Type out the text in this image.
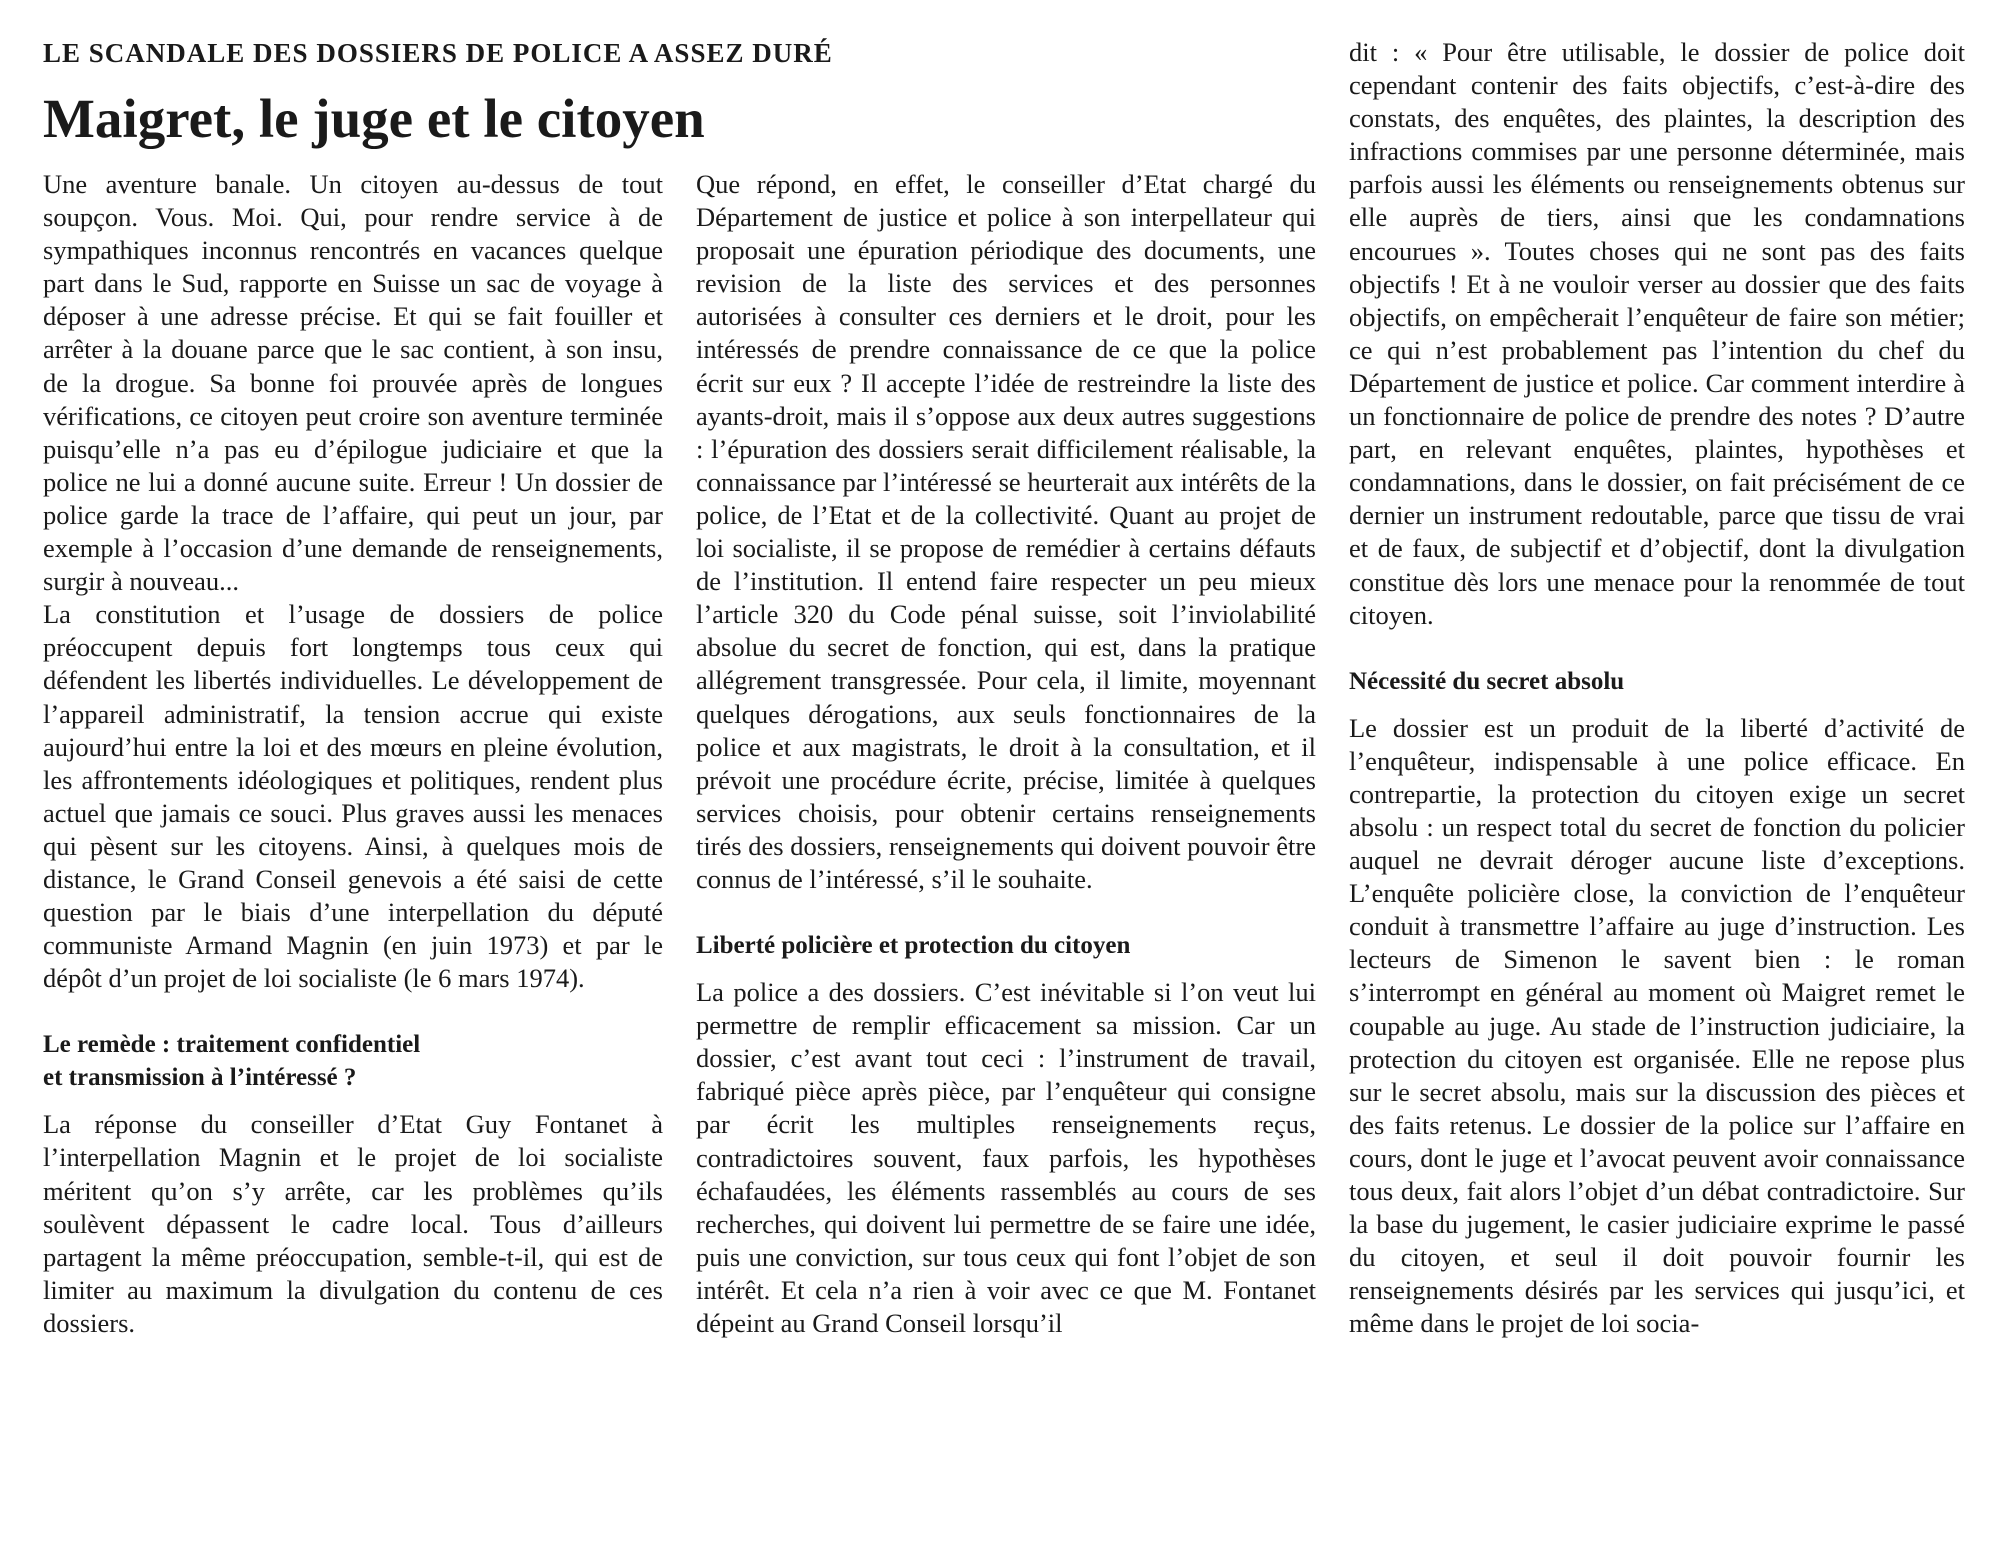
LE SCANDALE DES DOSSIERS DE POLICE A ASSEZ DURÉ

Maigret, le juge et le citoyen

Une aventure banale. Un citoyen au-dessus de tout soupçon. Vous. Moi. Qui, pour rendre service à de sympathiques inconnus rencontrés en vacances quelque part dans le Sud, rapporte en Suisse un sac de voyage à déposer à une adresse précise. Et qui se fait fouiller et arrêter à la douane parce que le sac contient, à son insu, de la drogue. Sa bonne foi prouvée après de longues vérifications, ce citoyen peut croire son aventure terminée puisqu’elle n’a pas eu d’épilogue judiciaire et que la police ne lui a donné aucune suite. Erreur ! Un dossier de police garde la trace de l’affaire, qui peut un jour, par exemple à l’occasion d’une demande de renseignements, surgir à nouveau...

La constitution et l’usage de dossiers de police préoccupent depuis fort longtemps tous ceux qui défendent les libertés individuelles. Le développement de l’appareil administratif, la tension accrue qui existe aujourd’hui entre la loi et des mœurs en pleine évolution, les affrontements idéologiques et politiques, rendent plus actuel que jamais ce souci. Plus graves aussi les menaces qui pèsent sur les citoyens. Ainsi, à quelques mois de distance, le Grand Conseil genevois a été saisi de cette question par le biais d’une interpellation du député communiste Armand Magnin (en juin 1973) et par le dépôt d’un projet de loi socialiste (le 6 mars 1974).

Le remède : traitement confidentiel
et transmission à l’intéressé ?

La réponse du conseiller d’Etat Guy Fontanet à l’interpellation Magnin et le projet de loi socialiste méritent qu’on s’y arrête, car les problèmes qu’ils soulèvent dépassent le cadre local. Tous d’ailleurs partagent la même préoccupation, semble-t-il, qui est de limiter au maximum la divulgation du contenu de ces dossiers.

Que répond, en effet, le conseiller d’Etat chargé du Département de justice et police à son interpellateur qui proposait une épuration périodique des documents, une revision de la liste des services et des personnes autorisées à consulter ces derniers et le droit, pour les intéressés de prendre connaissance de ce que la police écrit sur eux ? Il accepte l’idée de restreindre la liste des ayants-droit, mais il s’oppose aux deux autres suggestions : l’épuration des dossiers serait difficilement réalisable, la connaissance par l’intéressé se heurterait aux intérêts de la police, de l’Etat et de la collectivité. Quant au projet de loi socialiste, il se propose de remédier à certains défauts de l’institution. Il entend faire respecter un peu mieux l’article 320 du Code pénal suisse, soit l’inviolabilité absolue du secret de fonction, qui est, dans la pratique allégrement transgressée. Pour cela, il limite, moyennant quelques dérogations, aux seuls fonctionnaires de la police et aux magistrats, le droit à la consultation, et il prévoit une procédure écrite, précise, limitée à quelques services choisis, pour obtenir certains renseignements tirés des dossiers, renseignements qui doivent pouvoir être connus de l’intéressé, s’il le souhaite.

Liberté policière et protection du citoyen

La police a des dossiers. C’est inévitable si l’on veut lui permettre de remplir efficacement sa mission. Car un dossier, c’est avant tout ceci : l’instrument de travail, fabriqué pièce après pièce, par l’enquêteur qui consigne par écrit les multiples renseignements reçus, contradictoires souvent, faux parfois, les hypothèses échafaudées, les éléments rassemblés au cours de ses recherches, qui doivent lui permettre de se faire une idée, puis une conviction, sur tous ceux qui font l’objet de son intérêt. Et cela n’a rien à voir avec ce que M. Fontanet dépeint au Grand Conseil lorsqu’il

dit : « Pour être utilisable, le dossier de police doit cependant contenir des faits objectifs, c’est-à-dire des constats, des enquêtes, des plaintes, la description des infractions commises par une personne déterminée, mais parfois aussi les éléments ou renseignements obtenus sur elle auprès de tiers, ainsi que les condamnations encourues ». Toutes choses qui ne sont pas des faits objectifs ! Et à ne vouloir verser au dossier que des faits objectifs, on empêcherait l’enquêteur de faire son métier; ce qui n’est probablement pas l’intention du chef du Département de justice et police. Car comment interdire à un fonctionnaire de police de prendre des notes ? D’autre part, en relevant enquêtes, plaintes, hypothèses et condamnations, dans le dossier, on fait précisément de ce dernier un instrument redoutable, parce que tissu de vrai et de faux, de subjectif et d’objectif, dont la divulgation constitue dès lors une menace pour la renommée de tout citoyen.

Nécessité du secret absolu

Le dossier est un produit de la liberté d’activité de l’enquêteur, indispensable à une police efficace. En contrepartie, la protection du citoyen exige un secret absolu : un respect total du secret de fonction du policier auquel ne devrait déroger aucune liste d’exceptions. L’enquête policière close, la conviction de l’enquêteur conduit à transmettre l’affaire au juge d’instruction. Les lecteurs de Simenon le savent bien : le roman s’interrompt en général au moment où Maigret remet le coupable au juge. Au stade de l’instruction judiciaire, la protection du citoyen est organisée. Elle ne repose plus sur le secret absolu, mais sur la discussion des pièces et des faits retenus. Le dossier de la police sur l’affaire en cours, dont le juge et l’avocat peuvent avoir connaissance tous deux, fait alors l’objet d’un débat contradictoire. Sur la base du jugement, le casier judiciaire exprime le passé du citoyen, et seul il doit pouvoir fournir les renseignements désirés par les services qui jusqu’ici, et même dans le projet de loi socia-
